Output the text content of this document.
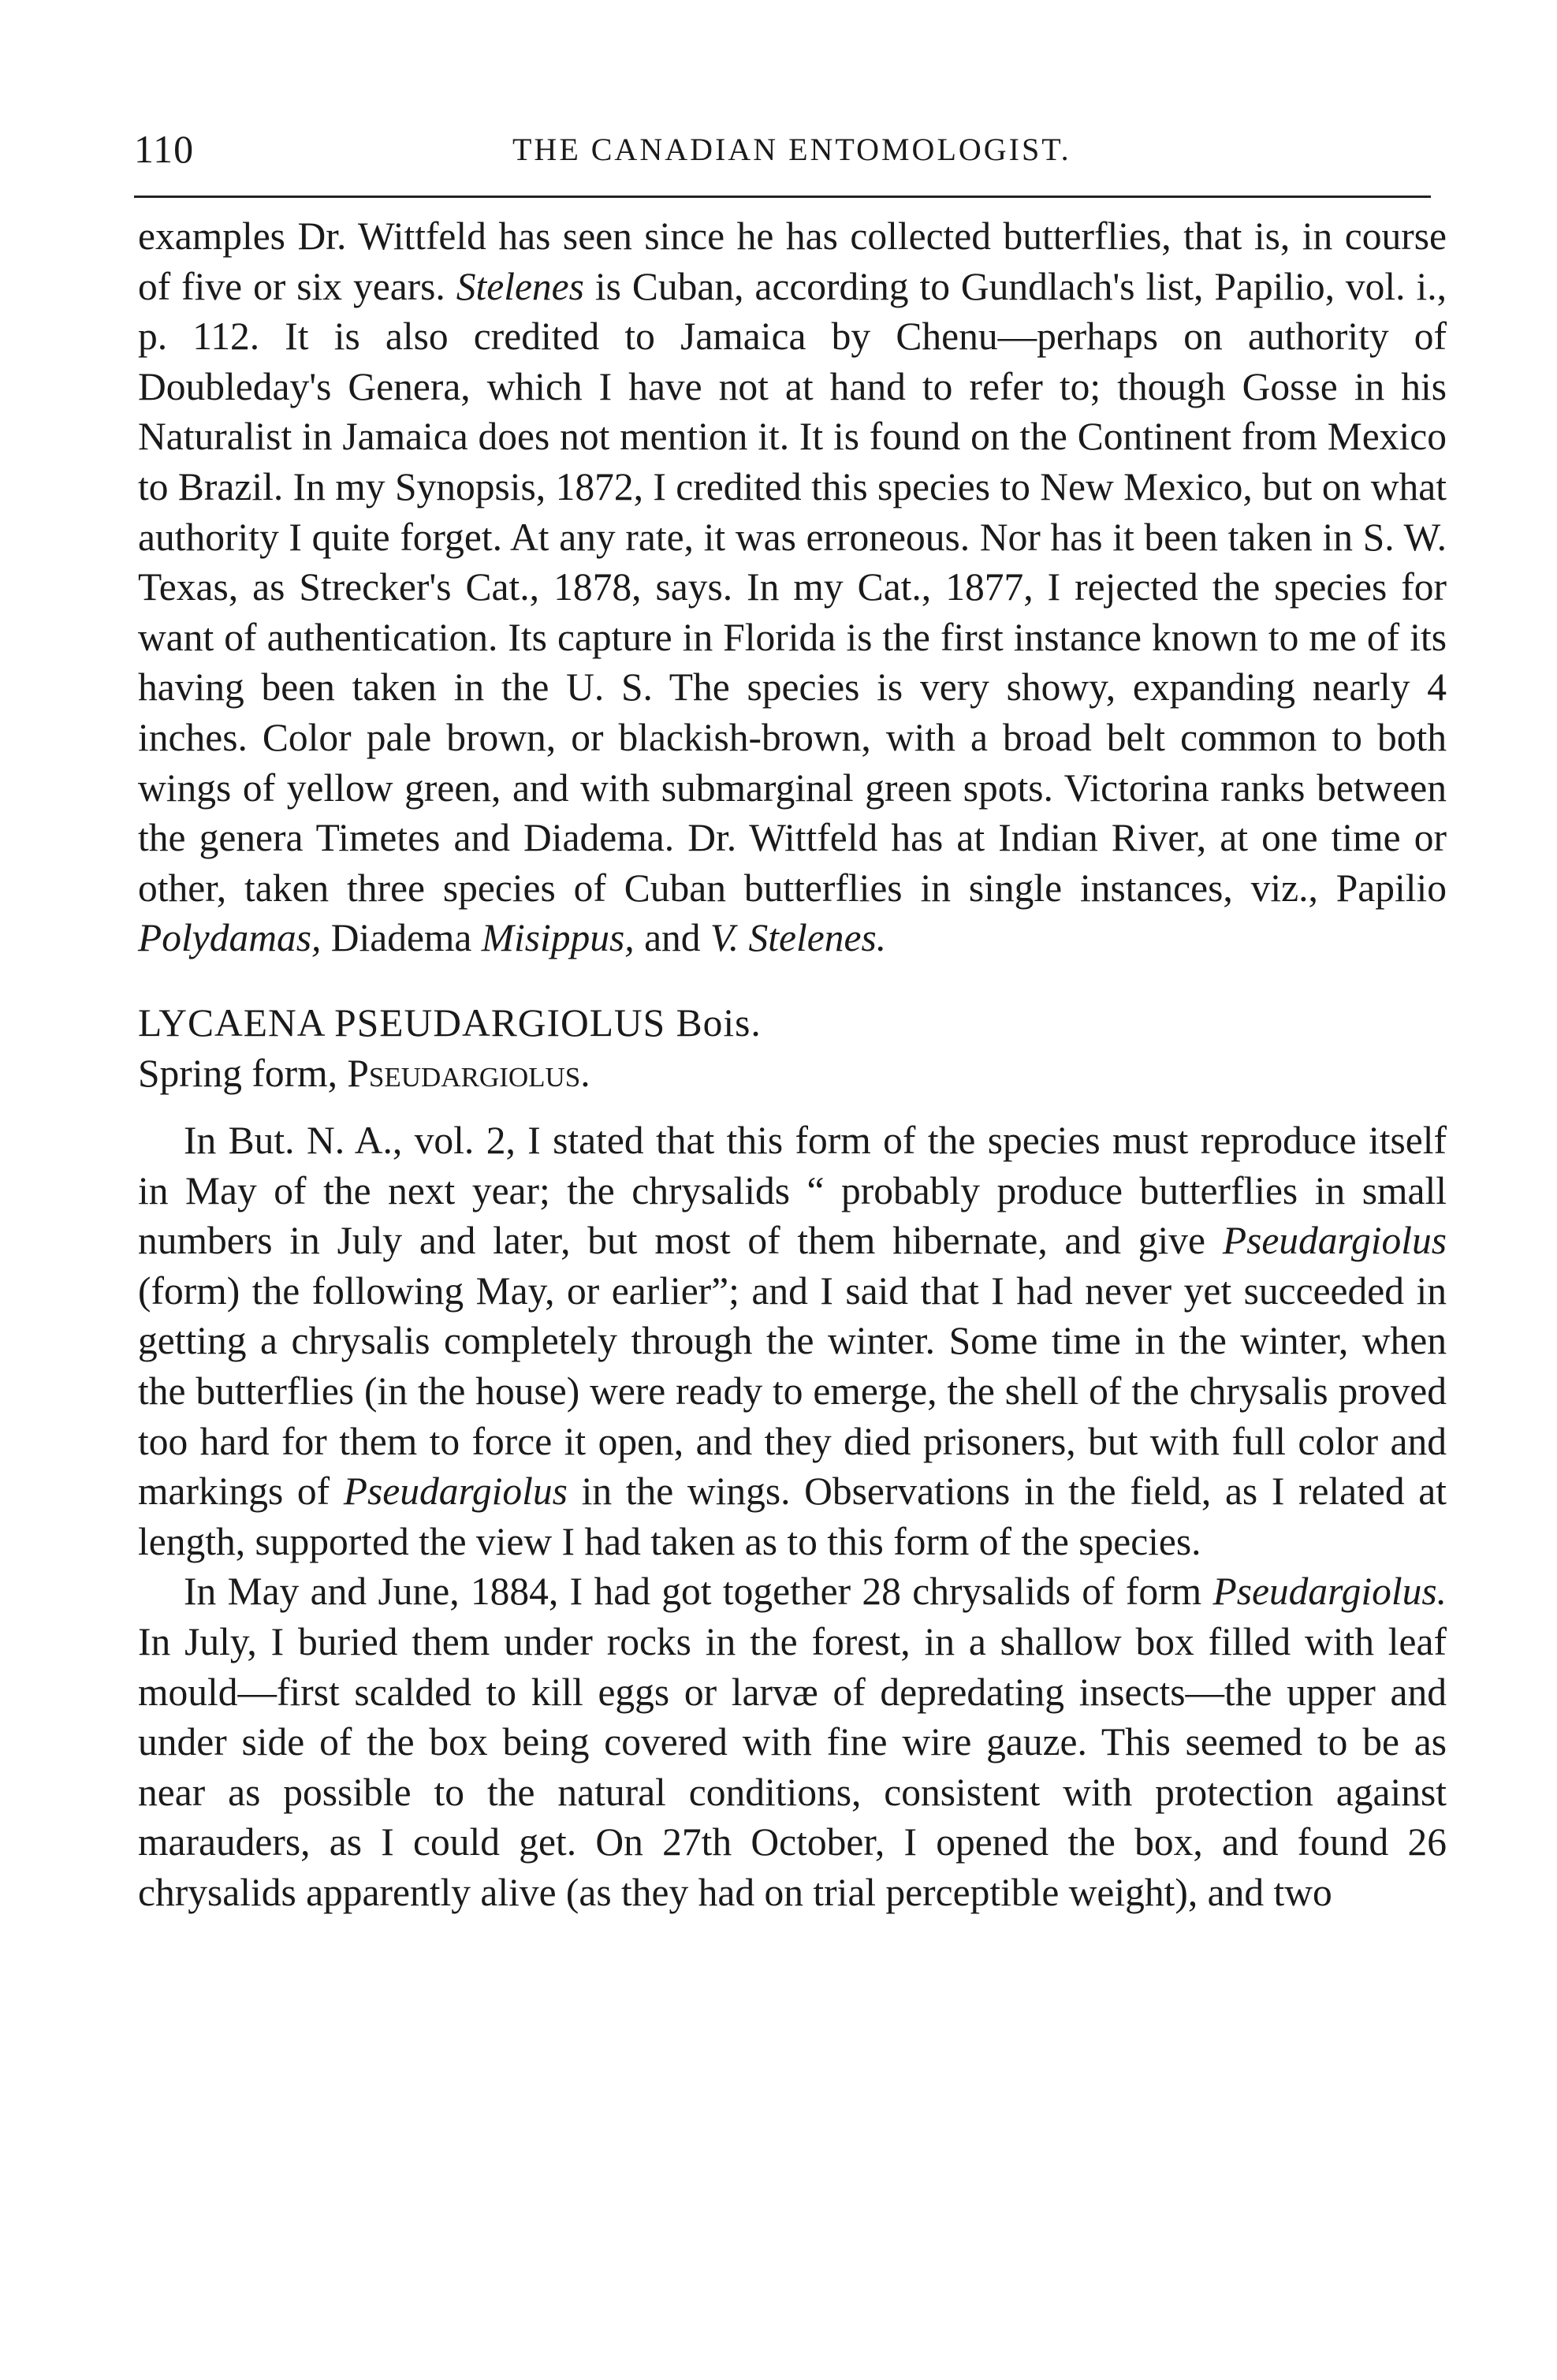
110	THE CANADIAN ENTOMOLOGIST.

examples Dr. Wittfeld has seen since he has collected butterflies, that is, in course of five or six years. Stelenes is Cuban, according to Gundlach's list, Papilio, vol. i., p. 112. It is also credited to Jamaica by Chenu—perhaps on authority of Doubleday's Genera, which I have not at hand to refer to; though Gosse in his Naturalist in Jamaica does not mention it. It is found on the Continent from Mexico to Brazil. In my Synopsis, 1872, I credited this species to New Mexico, but on what authority I quite forget. At any rate, it was erroneous. Nor has it been taken in S. W. Texas, as Strecker's Cat., 1878, says. In my Cat., 1877, I rejected the species for want of authentication. Its capture in Florida is the first instance known to me of its having been taken in the U. S. The species is very showy, expanding nearly 4 inches. Color pale brown, or blackish-brown, with a broad belt common to both wings of yellow green, and with submarginal green spots. Victorina ranks between the genera Timetes and Diadema. Dr. Wittfeld has at Indian River, at one time or other, taken three species of Cuban butterflies in single instances, viz., Papilio Polydamas, Diadema Misippus, and V. Stelenes.

LYCAENA PSEUDARGIOLUS Bois.

Spring form, Pseudargiolus.

In But. N. A., vol. 2, I stated that this form of the species must reproduce itself in May of the next year; the chrysalids “ probably produce butterflies in small numbers in July and later, but most of them hibernate, and give Pseudargiolus (form) the following May, or earlier”; and I said that I had never yet succeeded in getting a chrysalis completely through the winter. Some time in the winter, when the butterflies (in the house) were ready to emerge, the shell of the chrysalis proved too hard for them to force it open, and they died prisoners, but with full color and markings of Pseudargiolus in the wings. Observations in the field, as I related at length, supported the view I had taken as to this form of the species.

In May and June, 1884, I had got together 28 chrysalids of form Pseudargiolus. In July, I buried them under rocks in the forest, in a shallow box filled with leaf mould—first scalded to kill eggs or larvæ of depredating insects—the upper and under side of the box being covered with fine wire gauze. This seemed to be as near as possible to the natural conditions, consistent with protection against marauders, as I could get. On 27th October, I opened the box, and found 26 chrysalids apparently alive (as they had on trial perceptible weight), and two
